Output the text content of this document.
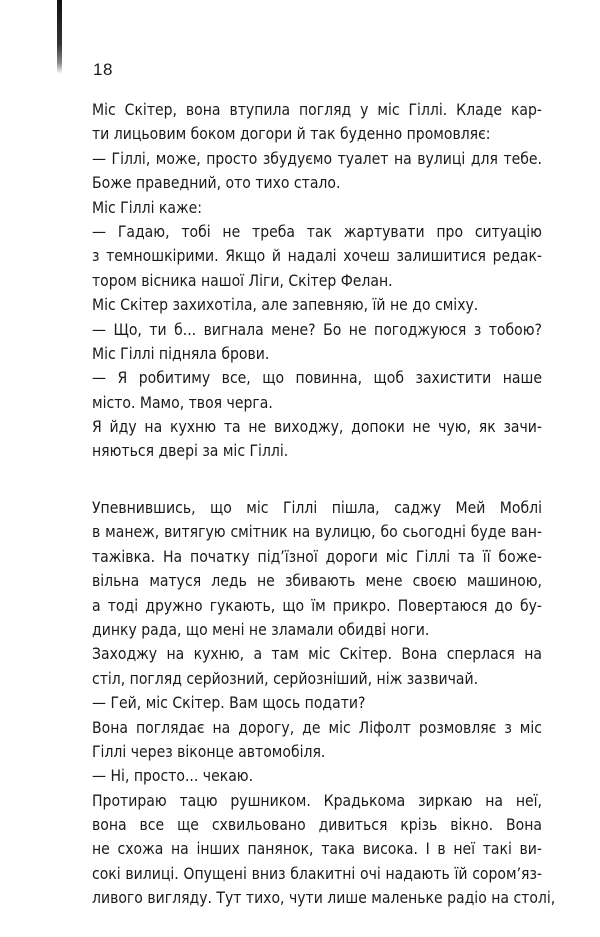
18
Міс Скітер, вона втупила погляд у міс Гіллі. Кладе кар-
ти лицьовим боком догори й так буденно промовляє:
— Гіллі, може, просто збудуємо туалет на вулиці для тебе.
Боже праведний, ото тихо стало.
Міс Гіллі каже:
— Гадаю, тобі не треба так жартувати про ситуацію
з темношкірими. Якщо й надалі хочеш залишитися редак-
тором вісника нашої Ліги, Скітер Фелан.
Міс Скітер захихотіла, але запевняю, їй не до сміху.
— Що, ти б... вигнала мене? Бо не погоджуюся з тобою?
Міс Гіллі підняла брови.
— Я робитиму все, що повинна, щоб захистити наше
місто. Мамо, твоя черга.
Я йду на кухню та не виходжу, допоки не чую, як зачи-
няються двері за міс Гіллі.
Упевнившись, що міс Гіллі пішла, саджу Мей Моблі
в манеж, витягую смітник на вулицю, бо сьогодні буде ван-
тажівка. На початку під’їзної дороги міс Гіллі та її боже-
вільна матуся ледь не збивають мене своєю машиною,
а тоді дружно гукають, що їм прикро. Повертаюся до бу-
динку рада, що мені не зламали обидві ноги.
Заходжу на кухню, а там міс Скітер. Вона сперлася на
стіл, погляд серйозний, серйозніший, ніж зазвичай.
— Гей, міс Скітер. Вам щось подати?
Вона поглядає на дорогу, де міс Ліфолт розмовляє з міс
Гіллі через віконце автомобіля.
— Ні, просто... чекаю.
Протираю тацю рушником. Крадькома зиркаю на неї,
вона все ще схвильовано дивиться крізь вікно. Вона
не схожа на інших панянок, така висока. І в неї такі ви-
сокі вилиці. Опущені вниз блакитні очі надають їй сором’яз-
ливого вигляду. Тут тихо, чути лише маленьке радіо на столі,
